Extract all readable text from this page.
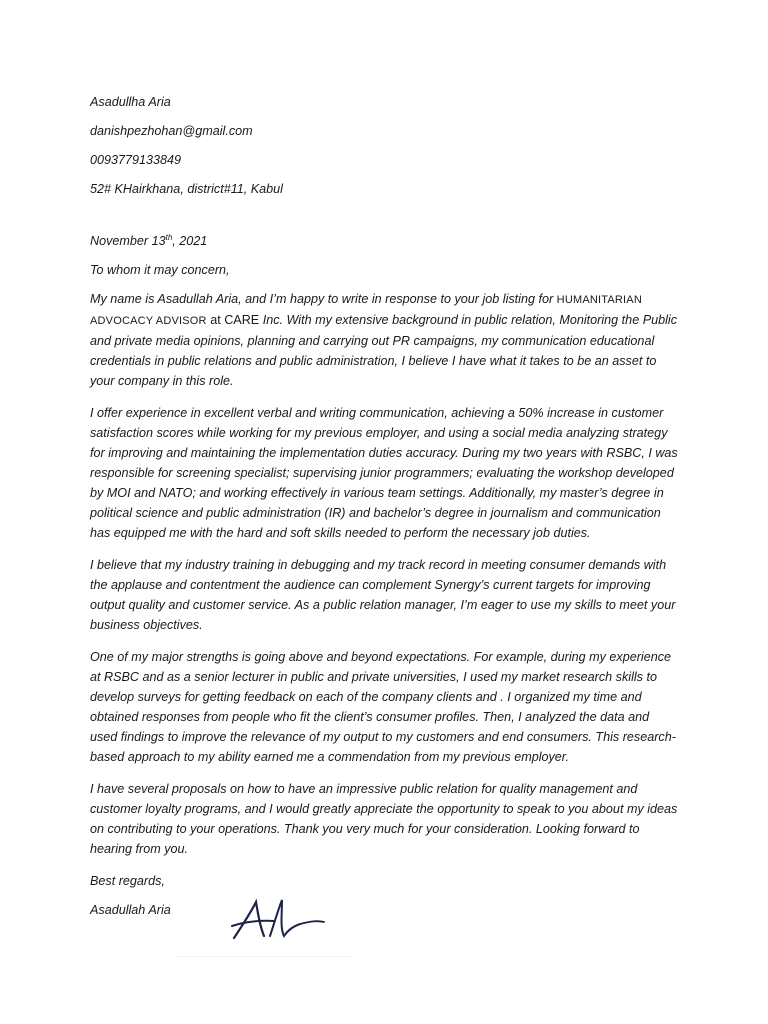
Asadullha Aria
danishpezhohan@gmail.com
0093779133849
52# KHairkhana, district#11, Kabul
November 13th, 2021
To whom it may concern,

My name is Asadullah Aria, and I’m happy to write in response to your job listing for HUMANITARIAN ADVOCACY ADVISOR at CARE Inc. With my extensive background in public relation, Monitoring the Public and private media opinions, planning and carrying out PR campaigns, my communication educational credentials in public relations and public administration, I believe I have what it takes to be an asset to your company in this role.

I offer experience in excellent verbal and writing communication, achieving a 50% increase in customer satisfaction scores while working for my previous employer, and using a social media analyzing strategy for improving and maintaining the implementation duties accuracy. During my two years with RSBC, I was responsible for screening specialist; supervising junior programmers; evaluating the workshop developed by MOI and NATO; and working effectively in various team settings. Additionally, my master’s degree in political science and public administration (IR) and bachelor’s degree in journalism and communication has equipped me with the hard and soft skills needed to perform the necessary job duties.

I believe that my industry training in debugging and my track record in meeting consumer demands with the applause and contentment the audience can complement Synergy’s current targets for improving output quality and customer service. As a public relation manager, I’m eager to use my skills to meet your business objectives.

One of my major strengths is going above and beyond expectations. For example, during my experience at RSBC and as a senior lecturer in public and private universities, I used my market research skills to develop surveys for getting feedback on each of the company clients and . I organized my time and obtained responses from people who fit the client’s consumer profiles. Then, I analyzed the data and used findings to improve the relevance of my output to my customers and end consumers. This research-based approach to my ability earned me a commendation from my previous employer.

I have several proposals on how to have an impressive public relation for quality management and customer loyalty programs, and I would greatly appreciate the opportunity to speak to you about my ideas on contributing to your operations. Thank you very much for your consideration. Looking forward to hearing from you.

Best regards,
Asadullah Aria
